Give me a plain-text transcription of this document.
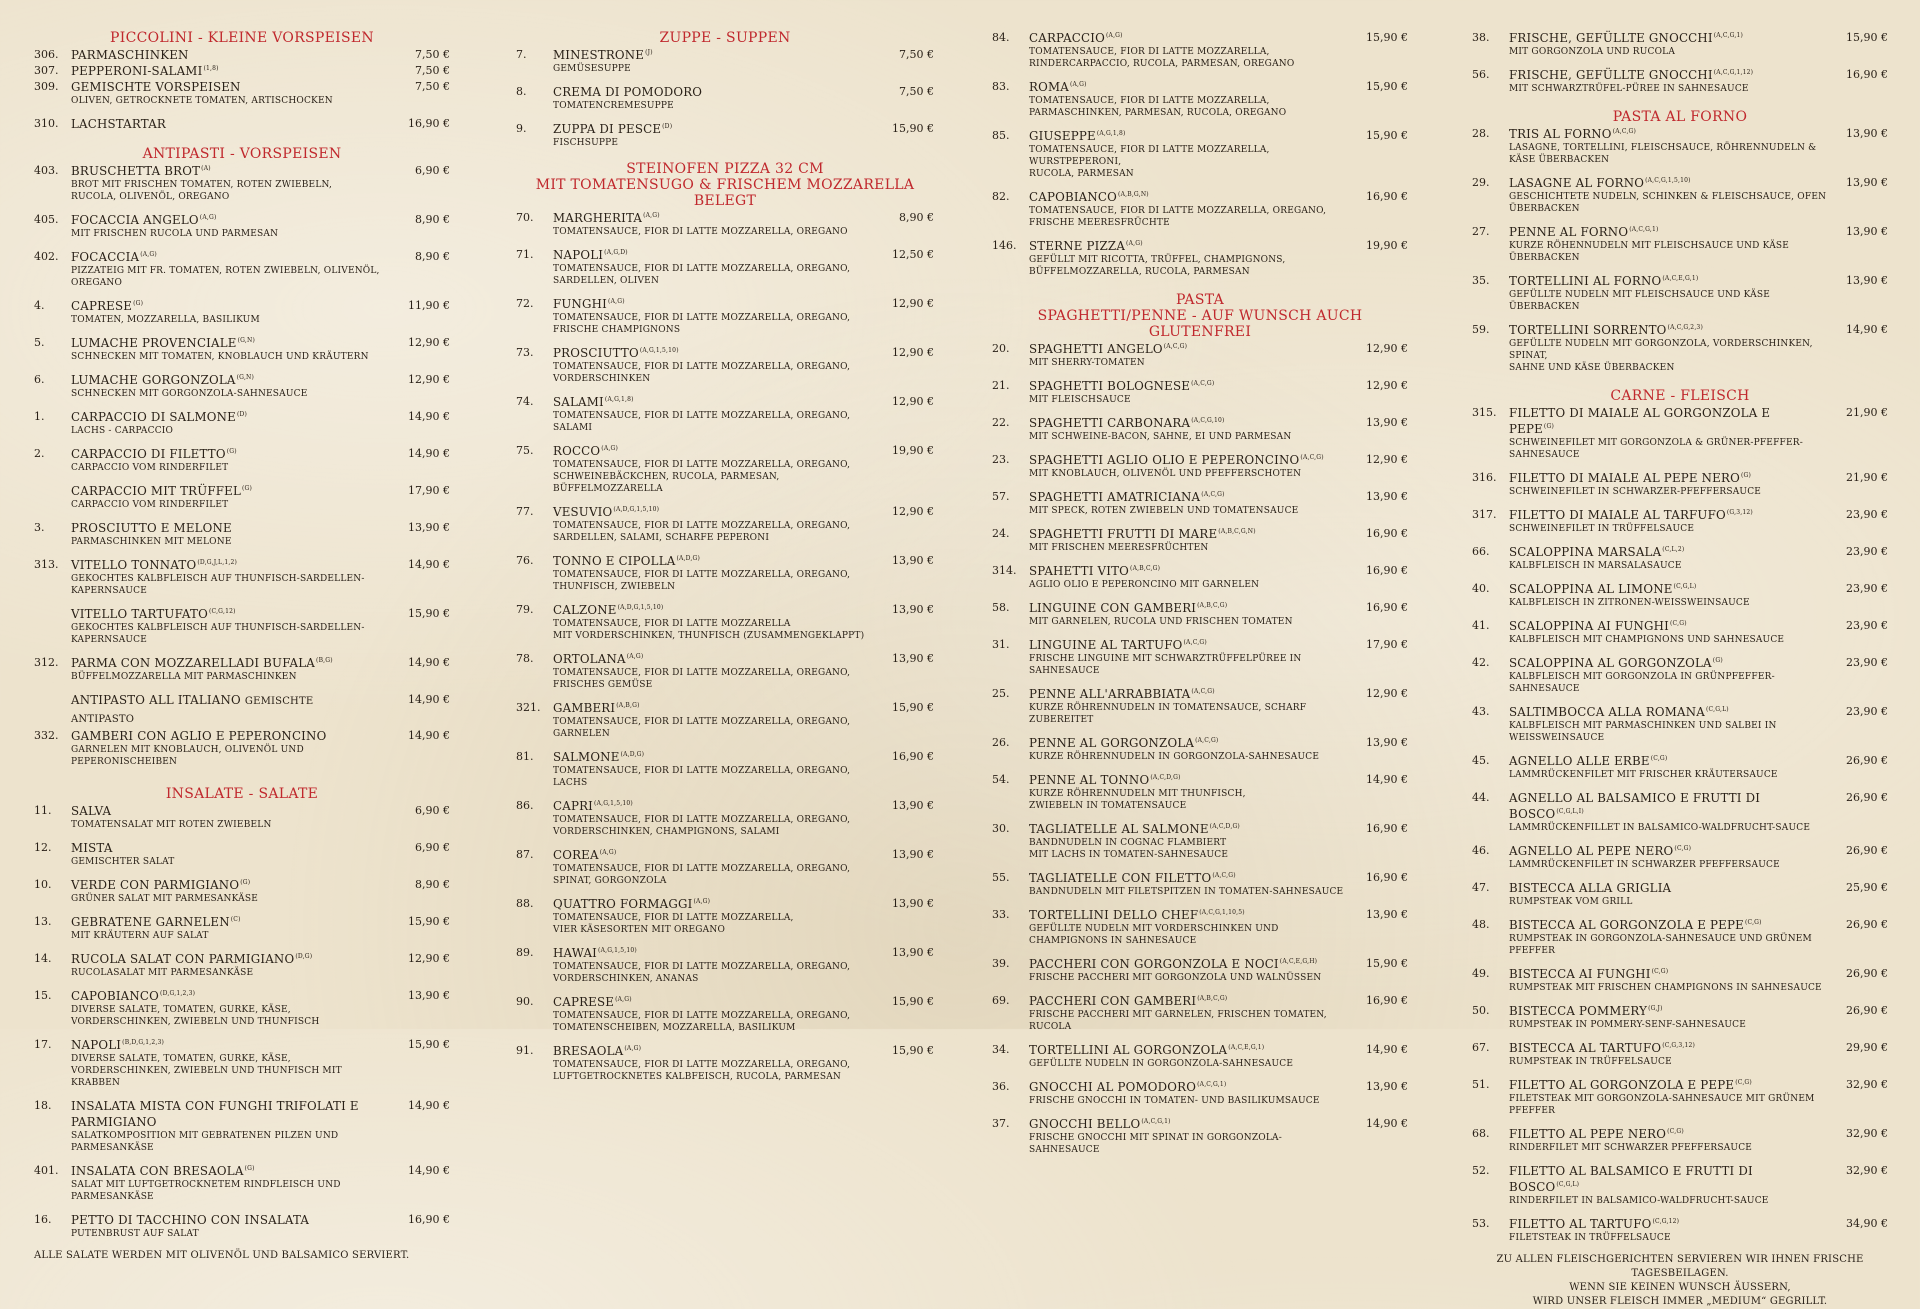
PICCOLINI - KLEINE VORSPEISEN
306. PARMASCHINKEN	7,50 €
307. PEPPERONI-SALAMI$^{(1,8)}$	7,50 €
309. GEMISCHTE VORSPEISEN	7,50 €
OLIVEN, GETROCKNETE TOMATEN, ARTISCHOCKEN
310. LACHSTARTAR	16,90 €
ANTIPASTI - VORSPEISEN
403. BRUSCHETTA $BROT^{(A)}$	6,90 €
BROT MIT FRISCHEN TOMATEN, ROTEN ZWIEBELN,
RUCOLA, OLIVENÖL, OREGANO
405. FOCACCIA $ANGELO^{(A,G)}$	8,90 €
MIT FRISCHEN RUCOLA UND PARMESAN
402. $FOCACCIA^{(A,G)}$	8,90 €
PIZZATEIG MIT FR. TOMATEN, ROTEN ZWIEBELN, OLIVENÖL, OREGANO
4. $CAPRESE^{(G)}$	11,90 €
TOMATEN, MOZZARELLA, BASILIKUM
5. LUMACHE $PROVENCIALE^{(G,N)}$	12,90 €
SCHNECKEN MIT TOMATEN, KNOBLAUCH UND KRÄUTERN
6. LUMACHE $GORGONZOLA^{(G,N)}$	12,90 €
SCHNECKEN MIT GORGONZOLA-SAHNESAUCE
1. CARPACCIO DI $SALMONE^{(D)}$	14,90 €
LACHS - CARPACCIO
2. CARPACCIO DI $FILETTO^{(G)}$	14,90 €
CARPACCIO VOM RINDERFILET
CARPACCIO MIT $TRÜFFEL^{(G)}$	17,90 €
CARPACCIO VOM RINDERFILET
3. PROSCIUTTO E MELONE	13,90 €
PARMASCHINKEN MIT MELONE
313. VITELLO $TONNATO^{(D,G,J,L,1,2)}$	14,90 €
GEKOCHTES KALBFLEISCH AUF THUNFISCH-SARDELLEN-KAPERNSAUCE
VITELLO $TARTUFATO^{(C,G,12)}$	15,90 €
GEKOCHTES KALBFLEISCH AUF THUNFISCH-SARDELLEN-KAPERNSAUCE
312. PARMA CON MOZZARELLADI $BUFALA^{(B,G)}$	14,90 €
BÜFFELMOZZARELLA MIT PARMASCHINKEN
ANTIPASTO ALL ITALIANO GEMISCHTE ANTIPASTO
14,90 €
332. GAMBERI CON AGLIO E PEPERONCINO	14,90 €
GARNELEN MIT KNOBLAUCH, OLIVENÖL UND PEPERONISCHEIBEN
INSALATE - SALATE
11. SALVA	6,90 €
TOMATENSALAT MIT ROTEN ZWIEBELN
12. MISTA	6,90 €
GEMISCHTER SALAT
10. VERDE CON $PARMIGIANO^{(G)}$	8,90 €
GRÜNER SALAT MIT PARMESANKÄSE
13. GEBRATENE $GARNELEN^{(C)}$	15,90 €
MIT KRÄUTERN AUF SALAT
14. RUCOLA SALAT CON $PARMIGIANO^{(D,G)}$	12,90 €
RUCOLASALAT MIT PARMESANKÄSE
15. $CAPOBIANCO^{(D,G,1,2,3)}$	13,90 €
DIVERSE SALATE, TOMATEN, GURKE, KÄSE,
VORDERSCHINKEN, ZWIEBELN UND THUNFISCH
17. $NAPOLI^{(B,D,G,1,2,3)}$	15,90 €
DIVERSE SALATE, TOMATEN, GURKE, KÄSE,
VORDERSCHINKEN, ZWIEBELN UND THUNFISCH MIT KRABBEN
18. INSALATA MISTA CON FUNGHI TRIFOLATI E PARMIGIANO
14,90 €
SALATKOMPOSITION MIT GEBRATENEN PILZEN UND PARMESANKÄSE
401. INSALATA CON $BRESAOLA^{(G)}$	14,90 €
SALAT MIT LUFTGETROCKNETEM RINDFLEISCH UND PARMESANKÄSE
16. PETTO DI TACCHINO CON INSALATA	16,90 €
PUTENBRUST AUF SALAT
ALLE SALATE WERDEN MIT OLIVENÖL UND BALSAMICO SERVIERT.
ZUPPE - SUPPEN
7. $MINESTRONE^{(J)}$	7,50 €
GEMÜSESUPPE
8. CREMA DI POMODORO	7,50 €
TOMATENCREMESUPPE
9. ZUPPA DI $PESCE^{(D)}$	15,90 €
FISCHSUPPE
STEINOFEN PIZZA 32 CM
MIT TOMATENSUGO & FRISCHEM MOZZARELLA BELEGT
70. $MARGHERITA^{(A,G)}$	8,90 €
TOMATENSAUCE, FIOR DI LATTE MOZZARELLA, OREGANO
71. $NAPOLI^{(A,G,D)}$	12,50 €
TOMATENSAUCE, FIOR DI LATTE MOZZARELLA, OREGANO,
SARDELLEN, OLIVEN
72. $FUNGHI^{(A,G)}$	12,90 €
TOMATENSAUCE, FIOR DI LATTE MOZZARELLA, OREGANO,
FRISCHE CHAMPIGNONS
73. $PROSCIUTTO^{(A,G,1,5,10)}$	12,90 €
TOMATENSAUCE, FIOR DI LATTE MOZZARELLA, OREGANO,
VORDERSCHINKEN
74. $SALAMI^{(A,G,1,8)}$	12,90 €
TOMATENSAUCE, FIOR DI LATTE MOZZARELLA, OREGANO, SALAMI
75. $ROCCO^{(A,G)}$	19,90 €
TOMATENSAUCE, FIOR DI LATTE MOZZARELLA, OREGANO,
SCHWEINEBÄCKCHEN, RUCOLA, PARMESAN, BÜFFELMOZZARELLA
77. $VESUVIO^{(A,D,G,1,5,10)}$	12,90 €
TOMATENSAUCE, FIOR DI LATTE MOZZARELLA, OREGANO,
SARDELLEN, SALAMI, SCHARFE PEPERONI
76. TONNO E $CIPOLLA^{(A,D,G)}$	13,90 €
TOMATENSAUCE, FIOR DI LATTE MOZZARELLA, OREGANO,
THUNFISCH, ZWIEBELN
79. $CALZONE^{(A,D,G,1,5,10)}$	13,90 €
TOMATENSAUCE, FIOR DI LATTE MOZZARELLA
MIT VORDERSCHINKEN, THUNFISCH (ZUSAMMENGEKLAPPT)
78. $ORTOLANA^{(A,G)}$	13,90 €
TOMATENSAUCE, FIOR DI LATTE MOZZARELLA, OREGANO,
FRISCHES GEMÜSE
321. $GAMBERI^{(A,B,G)}$	15,90 €
TOMATENSAUCE, FIOR DI LATTE MOZZARELLA, OREGANO, GARNELEN
81. $SALMONE^{(A,D,G)}$	16,90 €
TOMATENSAUCE, FIOR DI LATTE MOZZARELLA, OREGANO, LACHS
86. $CAPRI^{(A,G,1,5,10)}$	13,90 €
TOMATENSAUCE, FIOR DI LATTE MOZZARELLA, OREGANO,
VORDERSCHINKEN, CHAMPIGNONS, SALAMI
87. $COREA^{(A,G)}$	13,90 €
TOMATENSAUCE, FIOR DI LATTE MOZZARELLA, OREGANO,
SPINAT, GORGONZOLA
88. QUATTRO $FORMAGGI^{(A,G)}$	13,90 €
TOMATENSAUCE, FIOR DI LATTE MOZZARELLA,
VIER KÄSESORTEN MIT OREGANO
89. $HAWAI^{(A,G,1,5,10)}$	13,90 €
TOMATENSAUCE, FIOR DI LATTE MOZZARELLA, OREGANO,
VORDERSCHINKEN, ANANAS
90. $CAPRESE^{(A,G)}$	15,90 €
TOMATENSAUCE, FIOR DI LATTE MOZZARELLA, OREGANO,
TOMATENSCHEIBEN, MOZZARELLA, BASILIKUM
91. $BRESAOLA^{(A,G)}$	15,90 €
TOMATENSAUCE, FIOR DI LATTE MOZZARELLA, OREGANO,
LUFTGETROCKNETES KALBFEISCH, RUCOLA, PARMESAN
84. $CARPACCIO^{(A,G)}$	15,90 €
TOMATENSAUCE, FIOR DI LATTE MOZZARELLA,
RINDERCARPACCIO, RUCOLA, PARMESAN, OREGANO
83. $ROMA^{(A,G)}$	15,90 €
TOMATENSAUCE, FIOR DI LATTE MOZZARELLA,
PARMASCHINKEN, PARMESAN, RUCOLA, OREGANO
85. $GIUSEPPE^{(A,G,1,8)}$	15,90 €
TOMATENSAUCE, FIOR DI LATTE MOZZARELLA, WURSTPEPERONI,
RUCOLA, PARMESAN
82. $CAPOBIANCO^{(A,B,G,N)}$	16,90 €
TOMATENSAUCE, FIOR DI LATTE MOZZARELLA, OREGANO,
FRISCHE MEERESFRÜCHTE
146. STERNE $PIZZA^{(A,G)}$	19,90 €
GEFÜLLT MIT RICOTTA, TRÜFFEL, CHAMPIGNONS,
BÜFFELMOZZARELLA, RUCOLA, PARMESAN
PASTA
SPAGHETTI/PENNE - AUF WUNSCH AUCH GLUTENFREI
20. SPAGHETTI $ANGELO^{(A,C,G)}$	12,90 €
MIT SHERRY-TOMATEN
21. SPAGHETTI $BOLOGNESE^{(A,C,G)}$	12,90 €
MIT FLEISCHSAUCE
22. SPAGHETTI $CARBONARA^{(A,C,G,10)}$	13,90 €
MIT SCHWEINE-BACON, SAHNE, EI UND PARMESAN
23. SPAGHETTI AGLIO OLIO E $PEPERONCINO^{(A,C,G)}$	12,90 €
MIT KNOBLAUCH, OLIVENÖL UND PFEFFERSCHOTEN
57. SPAGHETTI $AMATRICIANA^{(A,C,G)}$	13,90 €
MIT SPECK, ROTEN ZWIEBELN UND TOMATENSAUCE
24. SPAGHETTI FRUTTI DI $MARE^{(A,B,C,G,N)}$	16,90 €
MIT FRISCHEN MEERESFRÜCHTEN
314. SPAHETTI $VITO^{(A,B,C,G)}$	16,90 €
AGLIO OLIO E PEPERONCINO MIT GARNELEN
58. LINGUINE CON $GAMBERI^{(A,B,C,G)}$	16,90 €
MIT GARNELEN, RUCOLA UND FRISCHEN TOMATEN
31. LINGUINE AL $TARTUFO^{(A,C,G)}$	17,90 €
FRISCHE LINGUINE MIT SCHWARZTRÜFFELPÜREE IN SAHNESAUCE
25. PENNE $ALL'ARRABBIATA^{(A,C,G)}$	12,90 €
KURZE RÖHRENNUDELN IN TOMATENSAUCE, SCHARF ZUBEREITET
26. PENNE AL $GORGONZOLA^{(A,C,G)}$	13,90 €
KURZE RÖHRENNUDELN IN GORGONZOLA-SAHNESAUCE
54. PENNE AL $TONNO^{(A,C,D,G)}$	14,90 €
KURZE RÖHRENNUDELN MIT THUNFISCH,
ZWIEBELN IN TOMATENSAUCE
30. TAGLIATELLE AL $SALMONE^{(A,C,D,G)}$	16,90 €
BANDNUDELN IN COGNAC FLAMBIERT
MIT LACHS IN TOMATEN-SAHNESAUCE
55. TAGLIATELLE CON $FILETTO^{(A,C,G)}$	16,90 €
BANDNUDELN MIT FILETSPITZEN IN TOMATEN-SAHNESAUCE
33. TORTELLINI DELLO $CHEF^{(A,C,G,1,10,5)}$	13,90 €
GEFÜLLTE NUDELN MIT VORDERSCHINKEN UND
CHAMPIGNONS IN SAHNESAUCE
39. PACCHERI CON GORGONZOLA E $NOCI^{(A,C,E,G,H)}$	15,90 €
FRISCHE PACCHERI MIT GORGONZOLA UND WALNÜSSEN
69. PACCHERI CON $GAMBERI^{(A,B,C,G)}$	16,90 €
FRISCHE PACCHERI MIT GARNELEN, FRISCHEN TOMATEN, RUCOLA
34. TORTELLINI AL $GORGONZOLA^{(A,C,E,G,1)}$	14,90 €
GEFÜLLTE NUDELN IN GORGONZOLA-SAHNESAUCE
36. GNOCCHI AL $POMODORO^{(A,C,G,1)}$	13,90 €
FRISCHE GNOCCHI IN TOMATEN- UND BASILIKUMSAUCE
37. GNOCCHI $BELLO^{(A,C,G,1)}$	14,90 €
FRISCHE GNOCCHI MIT SPINAT IN GORGONZOLA-SAHNESAUCE
38. FRISCHE, GEFÜLLTE $GNOCCHI^{(A,C,G,1)}$	15,90 €
MIT GORGONZOLA UND RUCOLA
56. FRISCHE, GEFÜLLTE $GNOCCHI^{(A,C,G,1,12)}$	16,90 €
MIT SCHWARZTRÜFEL-PÜREE IN SAHNESAUCE
PASTA AL FORNO
28. TRIS AL $FORNO^{(A,C,G)}$	13,90 €
LASAGNE, TORTELLINI, FLEISCHSAUCE, RÖHRENNUDELN & KÄSE ÜBERBACKEN
29. LASAGNE AL $FORNO^{(A,C,G,1,5,10)}$	13,90 €
GESCHICHTETE NUDELN, SCHINKEN & FLEISCHSAUCE, OFEN ÜBERBACKEN
27. PENNE AL $FORNO^{(A,C,G,1)}$	13,90 €
KURZE RÖHENNUDELN MIT FLEISCHSAUCE UND KÄSE ÜBERBACKEN
35. TORTELLINI AL $FORNO^{(A,C,E,G,1)}$	13,90 €
GEFÜLLTE NUDELN MIT FLEISCHSAUCE UND KÄSE ÜBERBACKEN
59. TORTELLINI $SORRENTO^{(A,C,G,2,3)}$	14,90 €
GEFÜLLTE NUDELN MIT GORGONZOLA, VORDERSCHINKEN, SPINAT,
SAHNE UND KÄSE ÜBERBACKEN
CARNE - FLEISCH
315. FILETTO DI MAIALE AL GORGONZOLA E $PEPE^{(G)}$
21,90 €
SCHWEINEFILET MIT GORGONZOLA & GRÜNER-PFEFFER-SAHNESAUCE
316. FILETTO DI MAIALE AL PEPE $NERO^{(G)}$	21,90 €
SCHWEINEFILET IN SCHWARZER-PFEFFERSAUCE
317. FILETTO DI MAIALE AL $TARFUFO^{(G,3,12)}$	23,90 €
SCHWEINEFILET IN TRÜFFELSAUCE
66. SCALOPPINA $MARSALA^{(C,L,2)}$	23,90 €
KALBFLEISCH IN MARSALASAUCE
40. SCALOPPINA AL $LIMONE^{(C,G,L)}$	23,90 €
KALBFLEISCH IN ZITRONEN-WEISSWEINSAUCE
41. SCALOPPINA AI $FUNGHI^{(C,G)}$	23,90 €
KALBFLEISCH MIT CHAMPIGNONS UND SAHNESAUCE
42. SCALOPPINA AL $GORGONZOLA^{(G)}$	23,90 €
KALBFLEISCH MIT GORGONZOLA IN GRÜNPFEFFER-SAHNESAUCE
43. SALTIMBOCCA ALLA $ROMANA^{(C,G,L)}$	23,90 €
KALBFLEISCH MIT PARMASCHINKEN UND SALBEI IN WEISSWEINSAUCE
45. AGNELLO ALLE $ERBE^{(C,G)}$	26,90 €
LAMMRÜCKENFILET MIT FRISCHER KRÄUTERSAUCE
44. AGNELLO AL BALSAMICO E FRUTTI DI $BOSCO^{(C,G,L,I)}$
26,90 €
LAMMRÜCKENFILLET IN BALSAMICO-WALDFRUCHT-SAUCE
46. AGNELLO AL PEPE $NERO^{(C,G)}$	26,90 €
LAMMRÜCKENFILET IN SCHWARZER PFEFFERSAUCE
47. BISTECCA ALLA GRIGLIA	25,90 €
RUMPSTEAK VOM GRILL
48. BISTECCA AL GORGONZOLA E $PEPE^{(C,G)}$	26,90 €
RUMPSTEAK IN GORGONZOLA-SAHNESAUCE UND GRÜNEM PFEFFER
49. BISTECCA AI $FUNGHI^{(C,G)}$	26,90 €
RUMPSTEAK MIT FRISCHEN CHAMPIGNONS IN SAHNESAUCE
50. BISTECCA $POMMERY^{(G,J)}$	26,90 €
RUMPSTEAK IN POMMERY-SENF-SAHNESAUCE
67. BISTECCA AL $TARTUFO^{(C,G,3,12)}$	29,90 €
RUMPSTEAK IN TRÜFFELSAUCE
51. FILETTO AL GORGONZOLA E $PEPE^{(C,G)}$	32,90 €
FILETSTEAK MIT GORGONZOLA-SAHNESAUCE MIT GRÜNEM PFEFFER
68. FILETTO AL PEPE $NERO^{(C,G)}$	32,90 €
RINDERFILET MIT SCHWARZER PFEFFERSAUCE
52. FILETTO AL BALSAMICO E FRUTTI DI $BOSCO^{(C,G,L)}$
32,90 €
RINDERFILET IN BALSAMICO-WALDFRUCHT-SAUCE
53. FILETTO AL $TARTUFO^{(C,G,12)}$	34,90 €
FILETSTEAK IN TRÜFFELSAUCE
ZU ALLEN FLEISCHGERICHTEN SERVIEREN WIR IHNEN FRISCHE TAGESBEILAGEN.
WENN SIE KEINEN WUNSCH ÄUSSERN,
WIRD UNSER FLEISCH IMMER „MEDIUM“ GEGRILLT.
